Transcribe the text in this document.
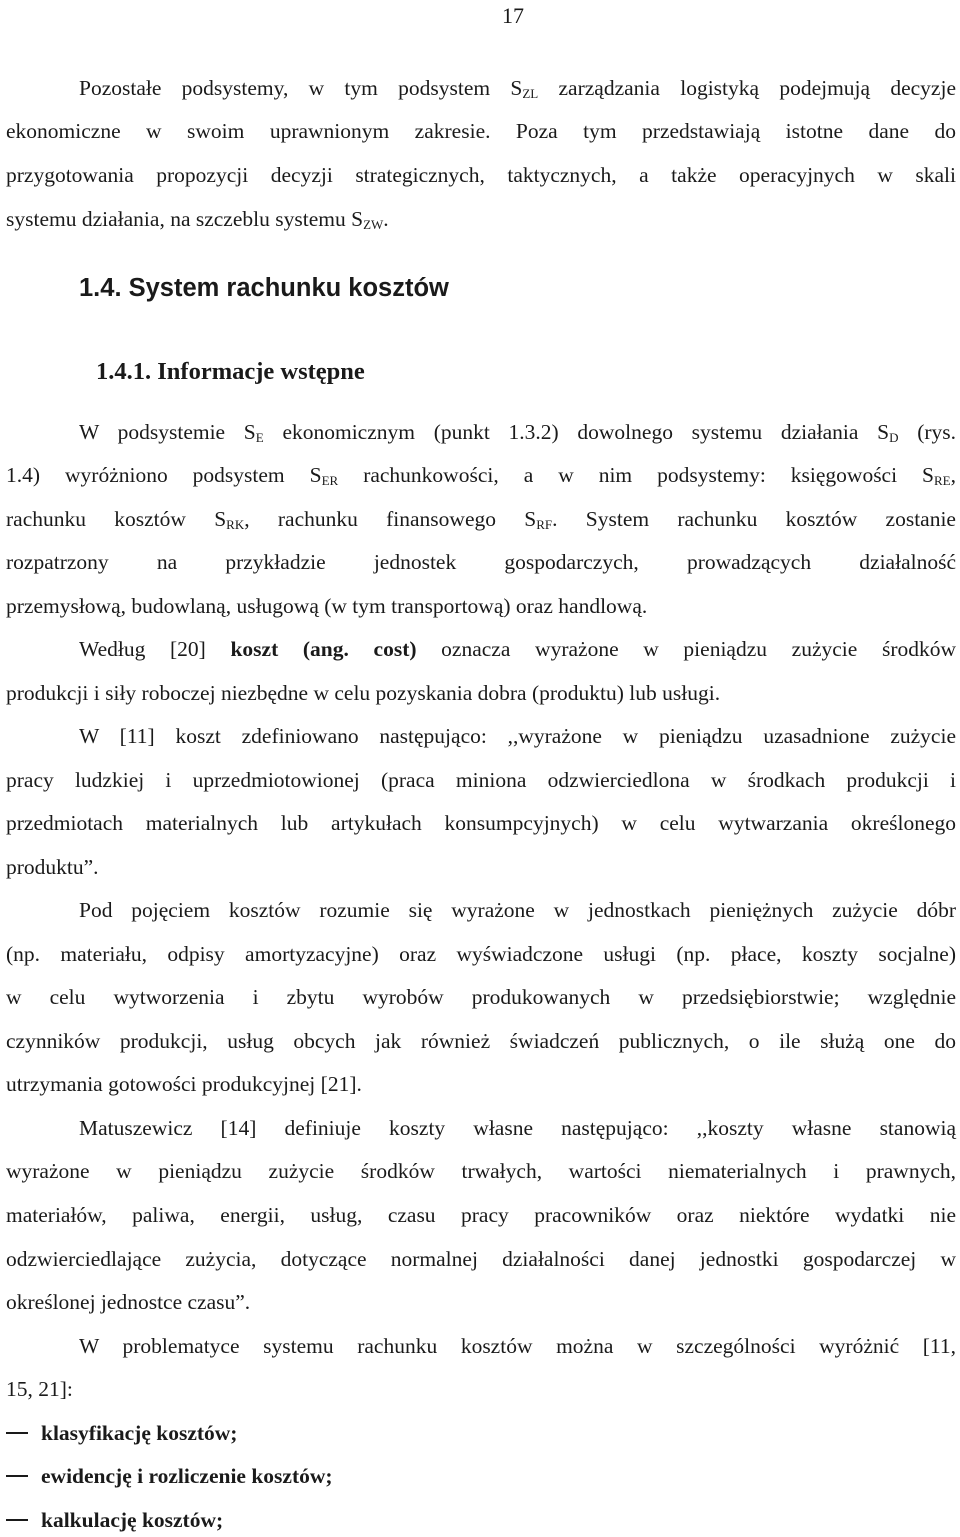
17
Pozostałe podsystemy, w tym podsystem $S_{ZL}$ zarządzania logistyką podejmują decyzje
ekonomiczne w swoim uprawnionym zakresie. Poza tym przedstawiają istotne dane do
przygotowania propozycji decyzji strategicznych, taktycznych, a także operacyjnych w skali
systemu działania, na szczeblu systemu $S_{ZW}$.
1.4. System rachunku kosztów
1.4.1. Informacje wstępne
W podsystemie $S_E$ ekonomicznym (punkt 1.3.2) dowolnego systemu działania $S_D$ (rys.
1.4) wyróżniono podsystem $S_{ER}$ rachunkowości, a w nim podsystemy: księgowości $S_{RE}$,
rachunku kosztów $S_{RK}$, rachunku finansowego $S_{RF}$. System rachunku kosztów zostanie
rozpatrzony na przykładzie jednostek gospodarczych, prowadzących działalność
przemysłową, budowlaną, usługową (w tym transportową) oraz handlową.
Według [20] koszt (ang. cost) oznacza wyrażone w pieniądzu zużycie środków
produkcji i siły roboczej niezbędne w celu pozyskania dobra (produktu) lub usługi.
W [11] koszt zdefiniowano następująco: ,,wyrażone w pieniądzu uzasadnione zużycie
pracy ludzkiej i uprzedmiotowionej (praca miniona odzwierciedlona w środkach produkcji i
przedmiotach materialnych lub artykułach konsumpcyjnych) w celu wytwarzania określonego
produktu”.
Pod pojęciem kosztów rozumie się wyrażone w jednostkach pieniężnych zużycie dóbr
(np. materiału, odpisy amortyzacyjne) oraz wyświadczone usługi (np. płace, koszty socjalne)
w celu wytworzenia i zbytu wyrobów produkowanych w przedsiębiorstwie; względnie
czynników produkcji, usług obcych jak również świadczeń publicznych, o ile służą one do
utrzymania gotowości produkcyjnej [21].
Matuszewicz [14] definiuje koszty własne następująco: ,,koszty własne stanowią
wyrażone w pieniądzu zużycie środków trwałych, wartości niematerialnych i prawnych,
materiałów, paliwa, energii, usług, czasu pracy pracowników oraz niektóre wydatki nie
odzwierciedlające zużycia, dotyczące normalnej działalności danej jednostki gospodarczej w
określonej jednostce czasu”.
W problematyce systemu rachunku kosztów można w szczególności wyróżnić [11,
15, 21]:
klasyfikację kosztów;
ewidencję i rozliczenie kosztów;
kalkulację kosztów;
